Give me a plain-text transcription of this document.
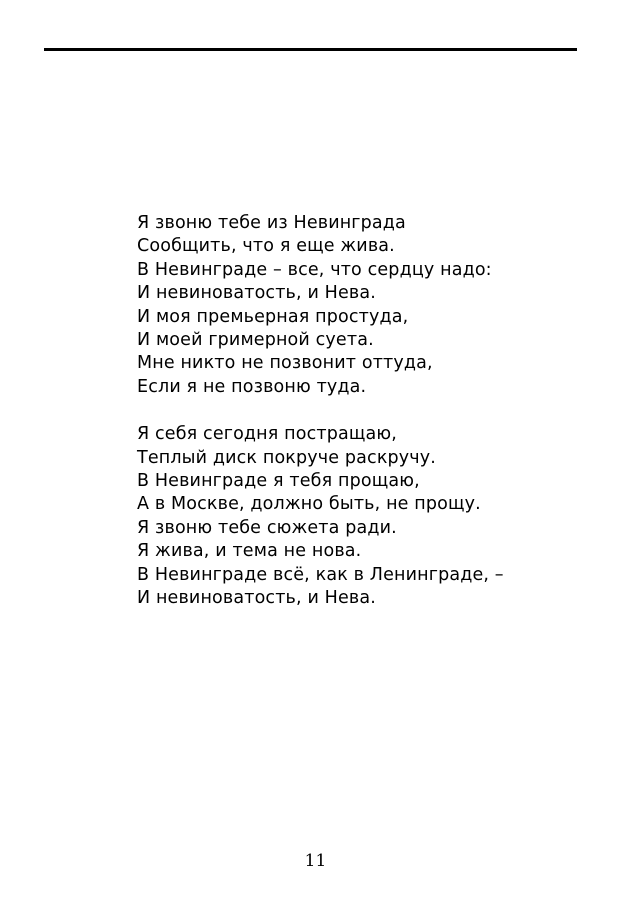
Я звоню тебе из Невинграда
Сообщить, что я еще жива.
В Невинграде – все, что сердцу надо:
И невиноватость, и Нева.
И моя премьерная простуда,
И моей гримерной суета.
Мне никто не позвонит оттуда,
Если я не позвоню туда.
Я себя сегодня постращаю,
Теплый диск покруче раскручу.
В Невинграде я тебя прощаю,
А в Москве, должно быть, не прощу.
Я звоню тебе сюжета ради.
Я жива, и тема не нова.
В Невинграде всё, как в Ленинграде, –
И невиноватость, и Нева.
11
